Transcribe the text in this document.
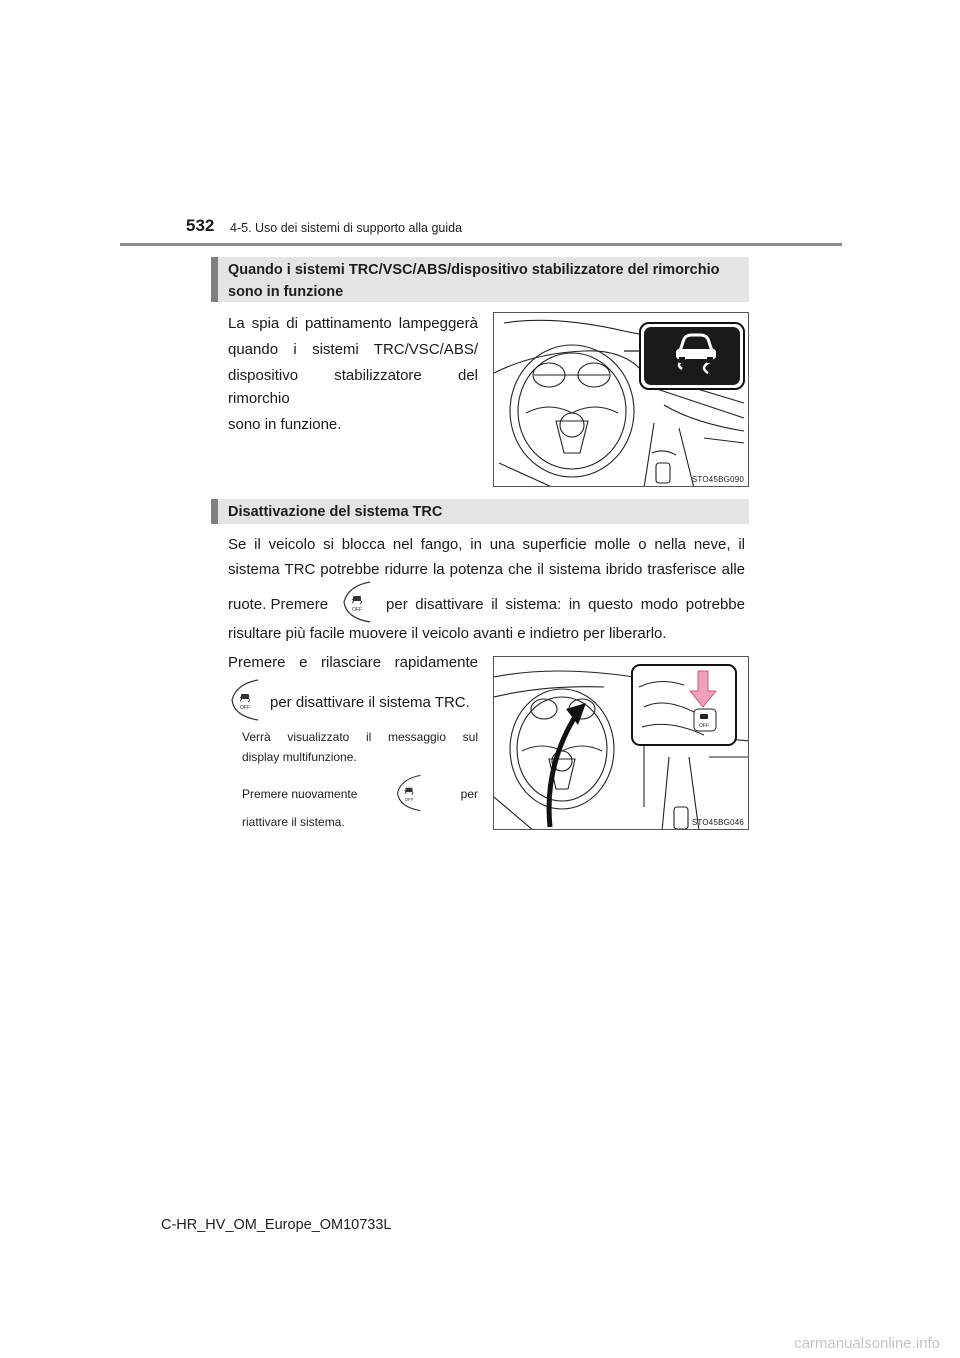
532 4-5. Uso dei sistemi di supporto alla guida
Quando i sistemi TRC/VSC/ABS/dispositivo stabilizzatore del rimorchio
sono in funzione
La spia di pattinamento lampeggerà
quando i sistemi TRC/VSC/ABS/
dispositivo stabilizzatore del rimorchio
sono in funzione.
STO45BG090
Disattivazione del sistema TRC
Se il veicolo si blocca nel fango, in una superficie molle o nella neve, il
sistema TRC potrebbe ridurre la potenza che il sistema ibrido trasferisce alle
ruote. Premere	OFF per disattivare il sistema: in questo modo potrebbe
risultare più facile muovere il veicolo avanti e indietro per liberarlo.
Premere e rilasciare rapidamente
OFF per disattivare il sistema TRC.
Verrà visualizzato il messaggio sul
display multifunzione.
Premere nuovamente	OFF	per
riattivare il sistema.
OFF
STO45BG046
C-HR_HV_OM_Europe_OM10733L
carmanualsonline.info
